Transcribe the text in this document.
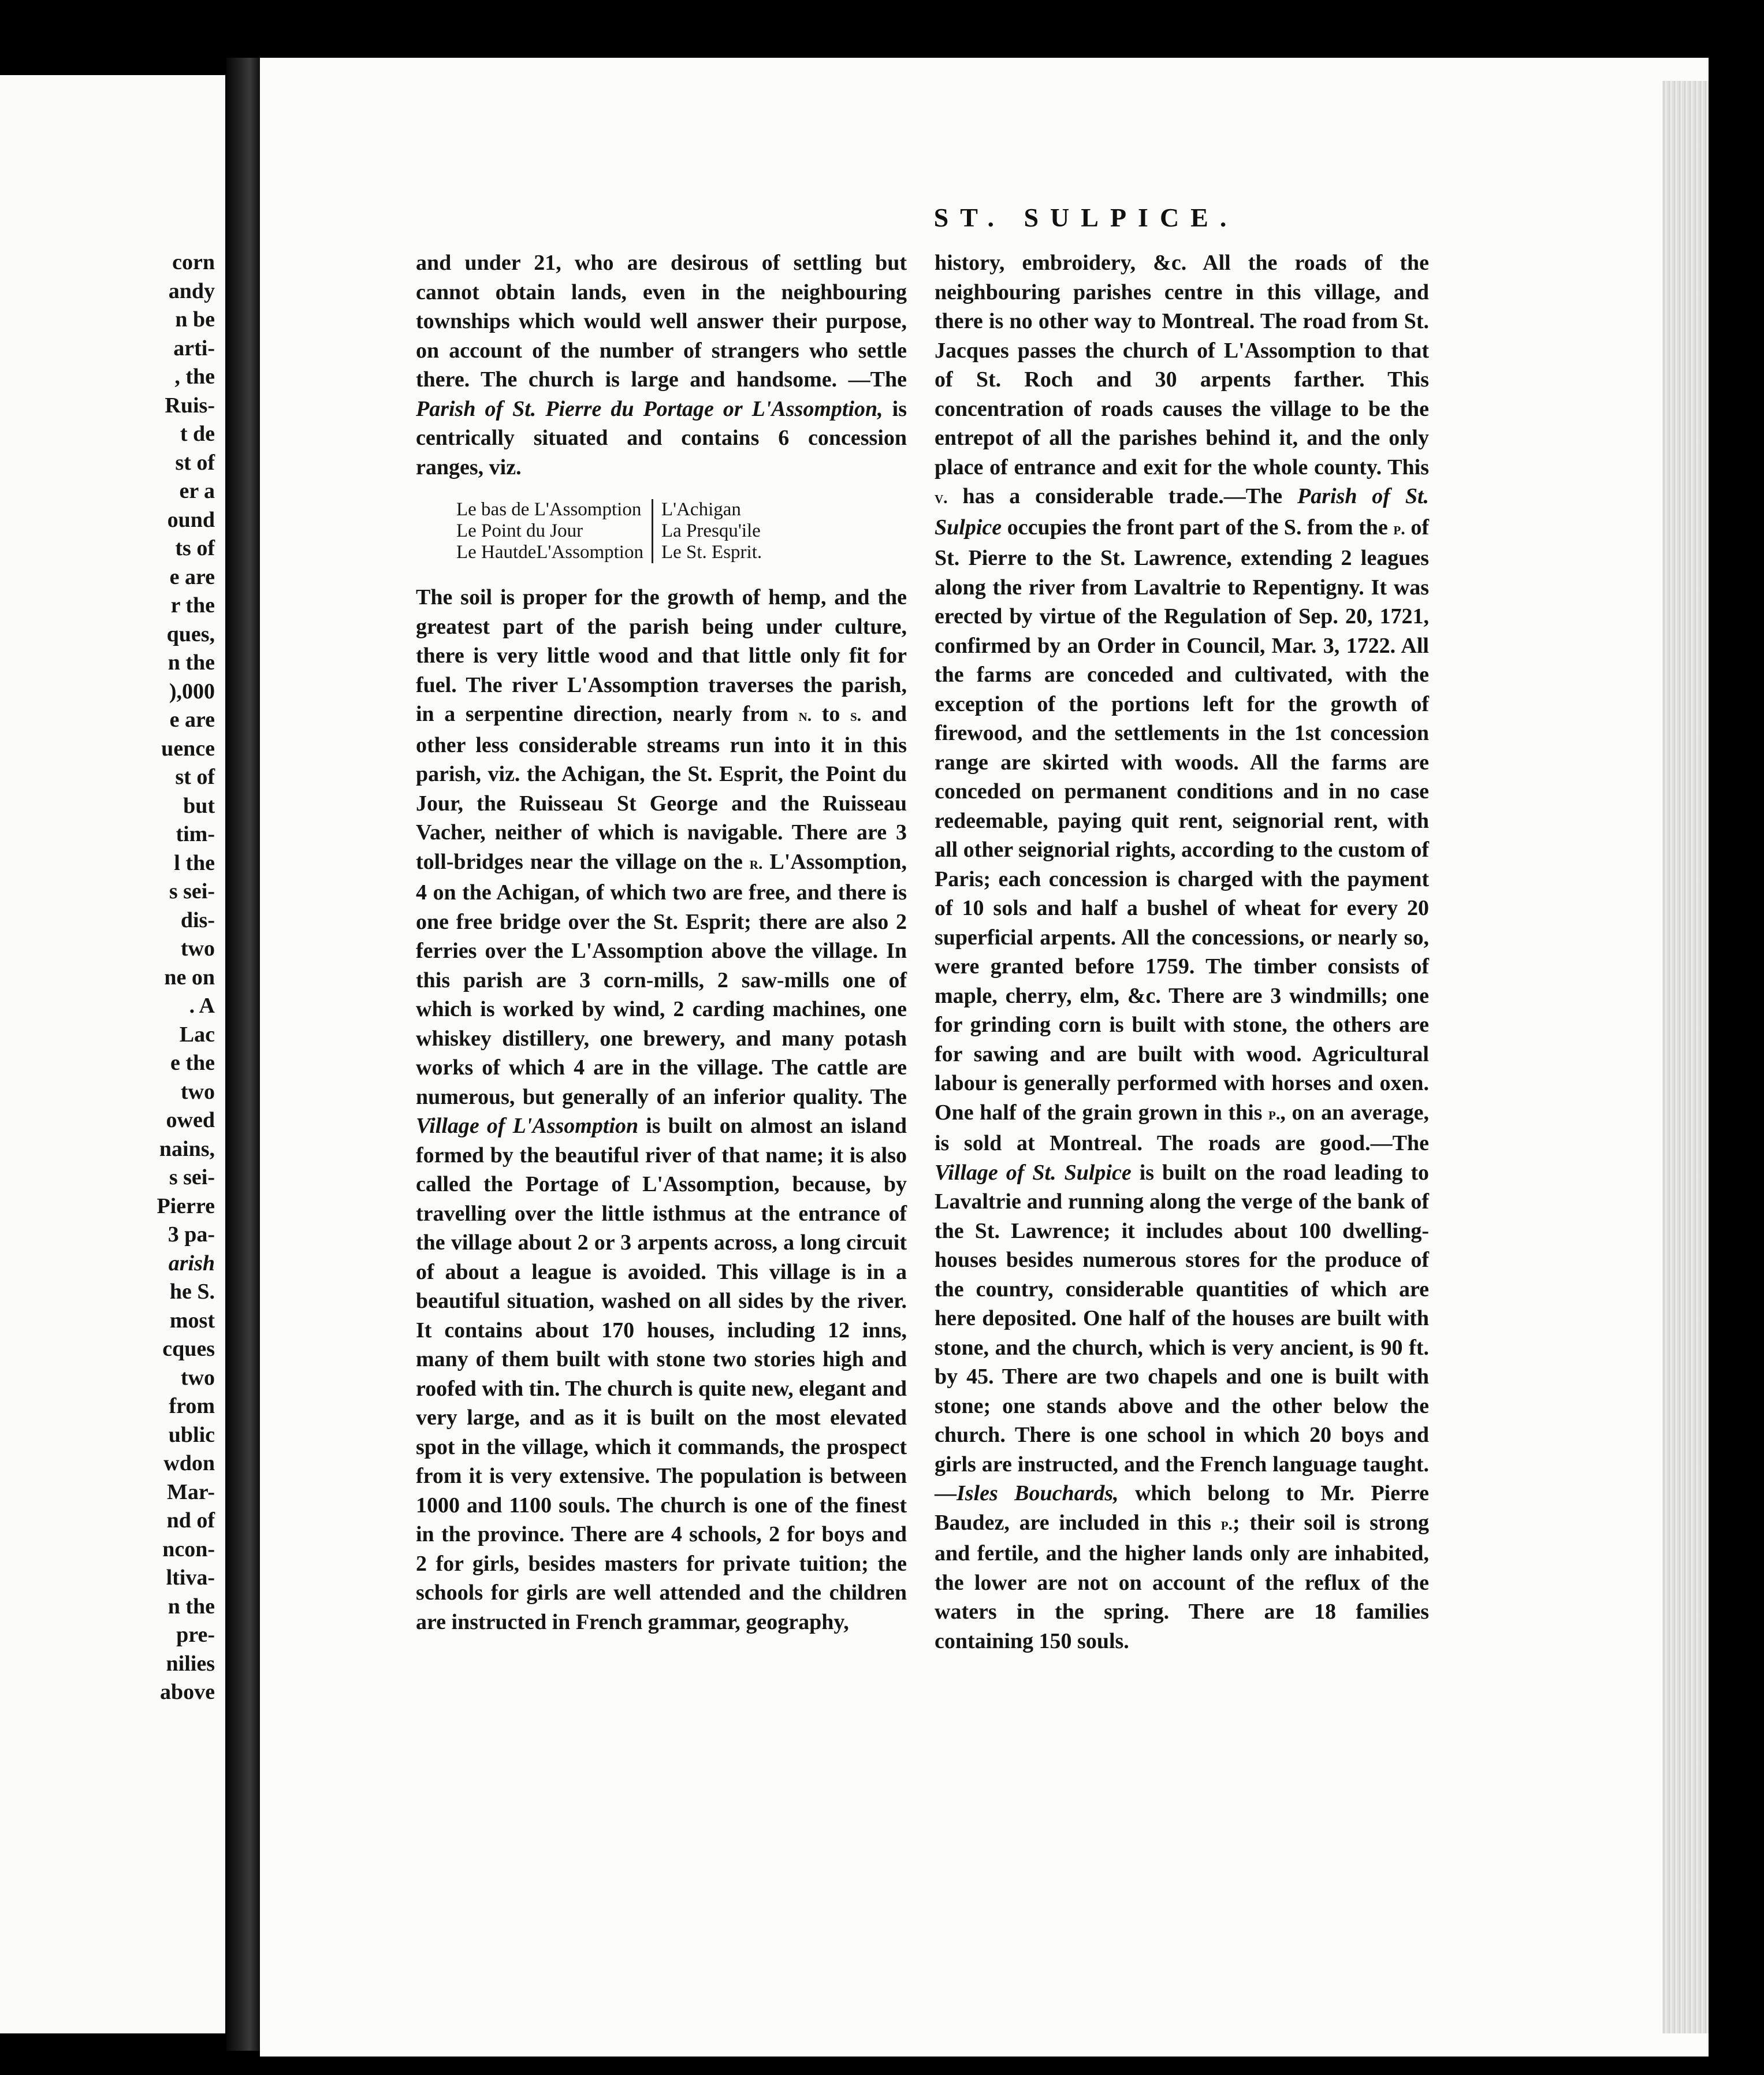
corn
andy
n be
arti-
, the
Ruis-
t de
st of
er a
ound
ts of
e are
r the
ques,
n the
),000
e are
uence
st of
but
tim-
l the
s sei-
dis-
two
ne on
. A
Lac
e the
two
owed
nains,
s sei-
Pierre
3 pa-
arish
he S.
most
cques
two
from
ublic
wdon
Mar-
nd of
ncon-
ltiva-
n the
pre-
nilies
above
ST. SULPICE.

and under 21, who are desirous of settling but cannot obtain lands, even in the neighbouring townships which would well answer their purpose, on account of the number of strangers who settle there. The church is large and handsome. —The Parish of St. Pierre du Portage or L'Assomption, is centrically situated and contains 6 concession ranges, viz.

Le bas de L'Assomption
Le Point du Jour
Le HautdeL'Assomption
L'Achigan
La Presqu'ile
Le St. Esprit.

The soil is proper for the growth of hemp, and the greatest part of the parish being under culture, there is very little wood and that little only fit for fuel. The river L'Assomption traverses the parish, in a serpentine direction, nearly from n. to s. and other less considerable streams run into it in this parish, viz. the Achigan, the St. Esprit, the Point du Jour, the Ruisseau St George and the Ruisseau Vacher, neither of which is navigable. There are 3 toll-bridges near the village on the r. L'Assomption, 4 on the Achigan, of which two are free, and there is one free bridge over the St. Esprit; there are also 2 ferries over the L'Assomption above the village. In this parish are 3 corn-mills, 2 saw-mills one of which is worked by wind, 2 carding machines, one whiskey distillery, one brewery, and many potash works of which 4 are in the village. The cattle are numerous, but generally of an inferior quality. The Village of L'Assomption is built on almost an island formed by the beautiful river of that name; it is also called the Portage of L'Assomption, because, by travelling over the little isthmus at the entrance of the village about 2 or 3 arpents across, a long circuit of about a league is avoided. This village is in a beautiful situation, washed on all sides by the river. It contains about 170 houses, including 12 inns, many of them built with stone two stories high and roofed with tin. The church is quite new, elegant and very large, and as it is built on the most elevated spot in the village, which it commands, the prospect from it is very extensive. The population is between 1000 and 1100 souls. The church is one of the finest in the province. There are 4 schools, 2 for boys and 2 for girls, besides masters for private tuition; the schools for girls are well attended and the children are instructed in French grammar, geography,

history, embroidery, &c. All the roads of the neighbouring parishes centre in this village, and there is no other way to Montreal. The road from St. Jacques passes the church of L'Assomption to that of St. Roch and 30 arpents farther. This concentration of roads causes the village to be the entrepot of all the parishes behind it, and the only place of entrance and exit for the whole county. This v. has a considerable trade.—The Parish of St. Sulpice occupies the front part of the S. from the p. of St. Pierre to the St. Lawrence, extending 2 leagues along the river from Lavaltrie to Repentigny. It was erected by virtue of the Regulation of Sep. 20, 1721, confirmed by an Order in Council, Mar. 3, 1722. All the farms are conceded and cultivated, with the exception of the portions left for the growth of firewood, and the settlements in the 1st concession range are skirted with woods. All the farms are conceded on permanent conditions and in no case redeemable, paying quit rent, seignorial rent, with all other seignorial rights, according to the custom of Paris; each concession is charged with the payment of 10 sols and half a bushel of wheat for every 20 superficial arpents. All the concessions, or nearly so, were granted before 1759. The timber consists of maple, cherry, elm, &c. There are 3 windmills; one for grinding corn is built with stone, the others are for sawing and are built with wood. Agricultural labour is generally performed with horses and oxen. One half of the grain grown in this p., on an average, is sold at Montreal. The roads are good.—The Village of St. Sulpice is built on the road leading to Lavaltrie and running along the verge of the bank of the St. Lawrence; it includes about 100 dwelling-houses besides numerous stores for the produce of the country, considerable quantities of which are here deposited. One half of the houses are built with stone, and the church, which is very ancient, is 90 ft. by 45. There are two chapels and one is built with stone; one stands above and the other below the church. There is one school in which 20 boys and girls are instructed, and the French language taught.—Isles Bouchards, which belong to Mr. Pierre Baudez, are included in this p.; their soil is strong and fertile, and the higher lands only are inhabited, the lower are not on account of the reflux of the waters in the spring. There are 18 families containing 150 souls.
